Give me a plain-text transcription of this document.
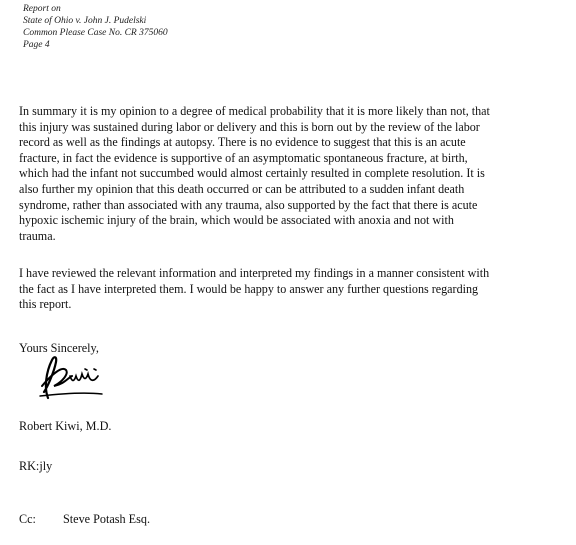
Report on
State of Ohio v. John J. Pudelski
Common Please Case No. CR 375060
Page 4

In summary it is my opinion to a degree of medical probability that it is more likely than not, that
this injury was sustained during labor or delivery and this is born out by the review of the labor
record as well as the findings at autopsy. There is no evidence to suggest that this is an acute
fracture, in fact the evidence is supportive of an asymptomatic spontaneous fracture, at birth,
which had the infant not succumbed would almost certainly resulted in complete resolution. It is
also further my opinion that this death occurred or can be attributed to a sudden infant death
syndrome, rather than associated with any trauma, also supported by the fact that there is acute
hypoxic ischemic injury of the brain, which would be associated with anoxia and not with
trauma.

I have reviewed the relevant information and interpreted my findings in a manner consistent with
the fact as I have interpreted them. I would be happy to answer any further questions regarding
this report.

Yours Sincerely,
Robert Kiwi, M.D.
RK:jly
Cc: Steve Potash Esq.
